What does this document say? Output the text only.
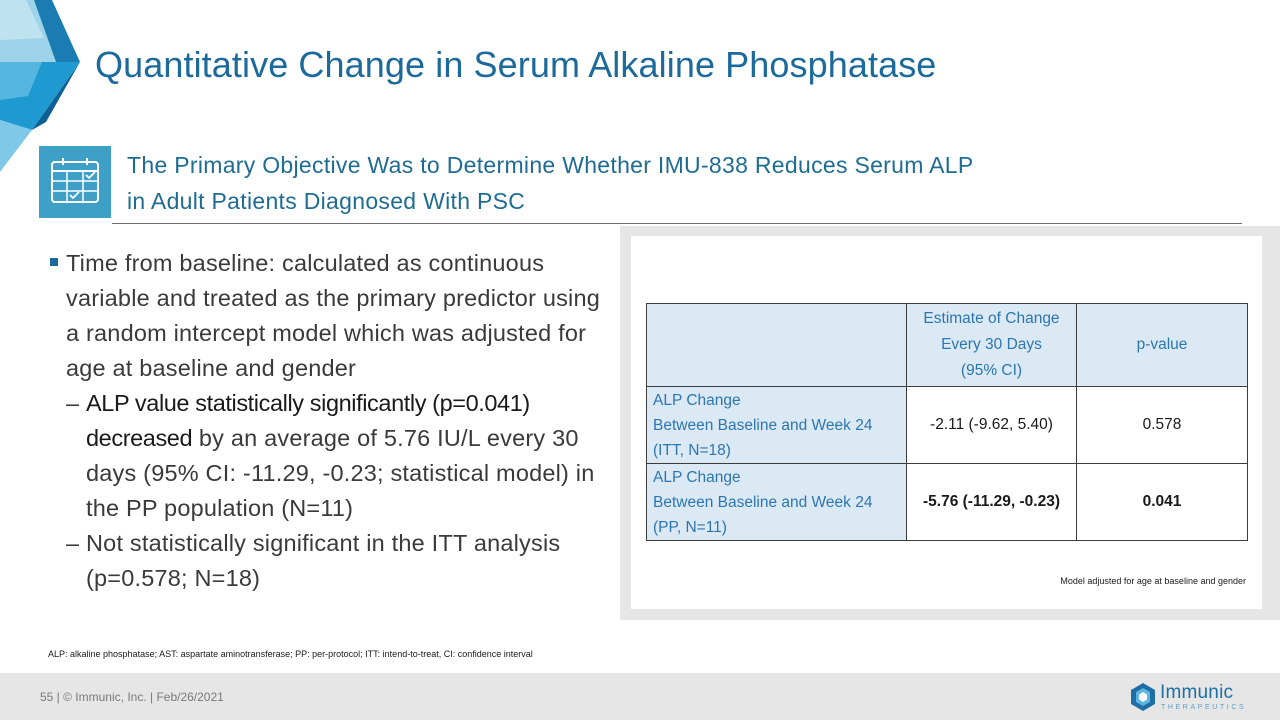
Quantitative Change in Serum Alkaline Phosphatase
The Primary Objective Was to Determine Whether IMU-838 Reduces Serum ALP
in Adult Patients Diagnosed With PSC
Time from baseline: calculated as continuous variable and treated as the primary predictor using a random intercept model which was adjusted for age at baseline and gender
– ALP value statistically significantly (p=0.041) decreased by an average of 5.76 IU/L every 30 days (95% CI: -11.29, -0.23; statistical model) in the PP population (N=11)
– Not statistically significant in the ITT analysis (p=0.578; N=18)

	Estimate of Change
Every 30 Days
(95% CI)	p-value

ALP Change
Between Baseline and Week 24
(ITT, N=18)	-2.11 (-9.62, 5.40)	0.578

ALP Change
Between Baseline and Week 24
(PP, N=11)	-5.76 (-11.29, -0.23)	0.041
Model adjusted for age at baseline and gender
ALP: alkaline phosphatase; AST: aspartate aminotransferase; PP: per-protocol; ITT: intend-to-treat, CI: confidence interval
55 | © Immunic, Inc. | Feb/26/2021	Immunic
THERAPEUTICS
